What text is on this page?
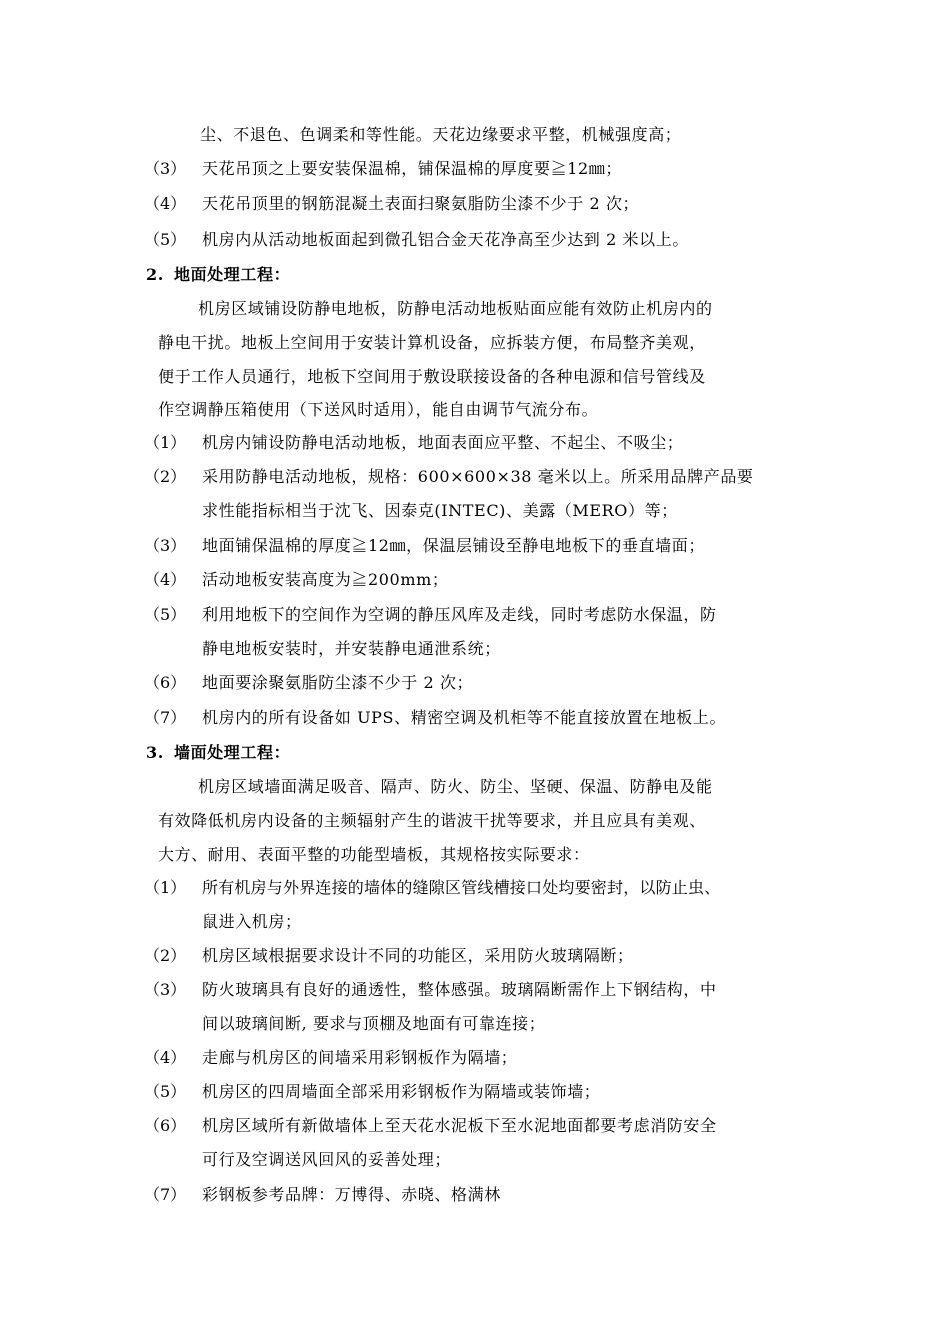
尘、不退色、色调柔和等性能。天花边缘要求平整，机械强度高；
（3） 天花吊顶之上要安装保温棉，铺保温棉的厚度要≧12㎜；
（4） 天花吊顶里的钢筋混凝土表面扫聚氨脂防尘漆不少于 2 次；
（5） 机房内从活动地板面起到微孔铝合金天花净高至少达到 2 米以上。
2. 地面处理工程：
机房区域铺设防静电地板，防静电活动地板贴面应能有效防止机房内的
静电干扰。地板上空间用于安装计算机设备，应拆装方便，布局整齐美观，
便于工作人员通行，地板下空间用于敷设联接设备的各种电源和信号管线及
作空调静压箱使用（下送风时适用），能自由调节气流分布。
（1） 机房内铺设防静电活动地板，地面表面应平整、不起尘、不吸尘；
（2） 采用防静电活动地板，规格：600×600×38 毫米以上。所采用品牌产品要
求性能指标相当于沈飞、因泰克(INTEC)、美露（MERO）等；
（3） 地面铺保温棉的厚度≧12㎜，保温层铺设至静电地板下的垂直墙面；
（4） 活动地板安装高度为≧200mm；
（5） 利用地板下的空间作为空调的静压风库及走线，同时考虑防水保温，防
静电地板安装时，并安装静电通泄系统；
（6） 地面要涂聚氨脂防尘漆不少于 2 次；
（7） 机房内的所有设备如 UPS、精密空调及机柜等不能直接放置在地板上。
3. 墙面处理工程：
机房区域墙面满足吸音、隔声、防火、防尘、坚硬、保温、防静电及能
有效降低机房内设备的主频辐射产生的谐波干扰等要求，并且应具有美观、
大方、耐用、表面平整的功能型墙板，其规格按实际要求：
（1） 所有机房与外界连接的墙体的缝隙区管线槽接口处均要密封，以防止虫、
鼠进入机房；
（2） 机房区域根据要求设计不同的功能区，采用防火玻璃隔断；
（3） 防火玻璃具有良好的通透性，整体感强。玻璃隔断需作上下钢结构，中
间以玻璃间断, 要求与顶棚及地面有可靠连接；
（4） 走廊与机房区的间墙采用彩钢板作为隔墙；
（5） 机房区的四周墙面全部采用彩钢板作为隔墙或装饰墙；
（6） 机房区域所有新做墙体上至天花水泥板下至水泥地面都要考虑消防安全
可行及空调送风回风的妥善处理；
（7） 彩钢板参考品牌：万博得、赤晓、格满林
